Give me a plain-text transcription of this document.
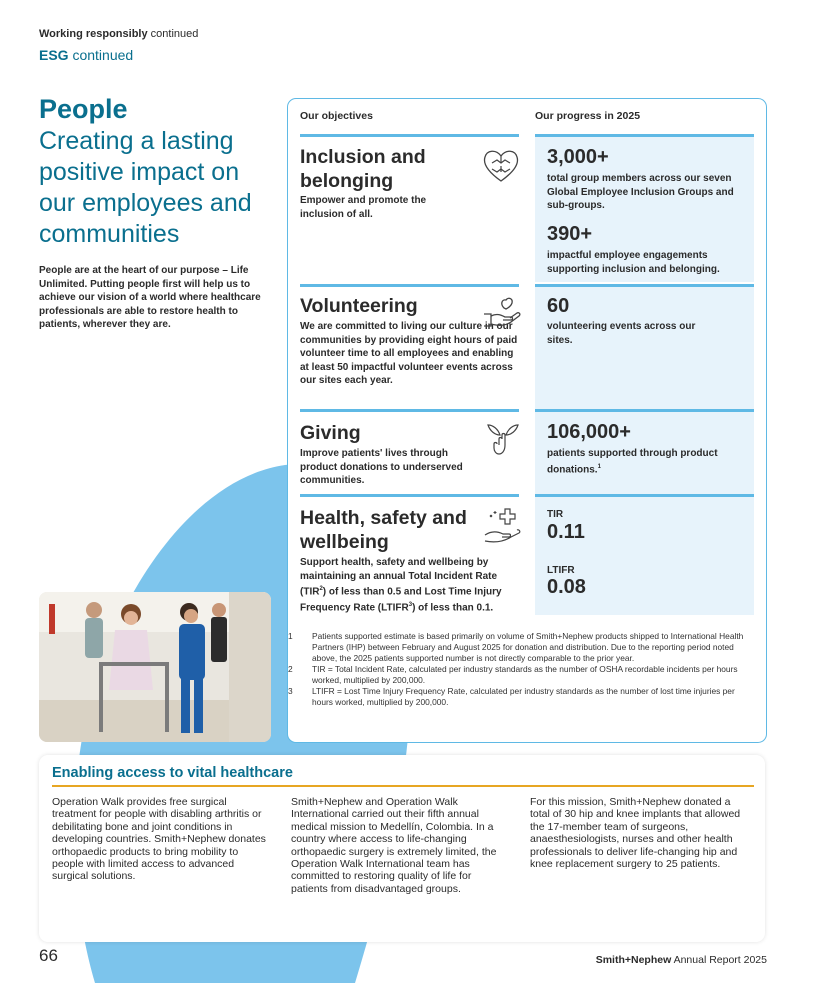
Working responsibly continued
ESG continued
People
Creating a lasting positive impact on our employees and communities
People are at the heart of our purpose – Life Unlimited. Putting people first will help us to achieve our vision of a world where healthcare professionals are able to restore health to patients, wherever they are.
Our objectives	Our progress in 2025
Inclusion and belonging
Empower and promote the inclusion of all.
3,000+
total group members across our seven Global Employee Inclusion Groups and sub-groups.
390+
impactful employee engagements supporting inclusion and belonging.
Volunteering
We are committed to living our culture in our communities by providing eight hours of paid volunteer time to all employees and enabling at least 50 impactful volunteer events across our sites each year.
60
volunteering events across our sites.
Giving
Improve patients' lives through product donations to underserved communities.
106,000+
patients supported through product donations.$^1$
Health, safety and wellbeing
Support health, safety and wellbeing by maintaining an annual Total Incident Rate (TIR$^2$) of less than 0.5 and Lost Time Injury Frequency Rate (LTIFR$^3$) of less than 0.1.
TIR
0.11
LTIFR
0.08
1 Patients supported estimate is based primarily on volume of Smith+Nephew products shipped to International Health Partners (IHP) between February and August 2025 for donation and distribution. Due to the reporting period noted above, the 2025 patients supported number is not directly comparable to the prior year.
2 TIR = Total Incident Rate, calculated per industry standards as the number of OSHA recordable incidents per hours worked, multiplied by 200,000.
3 LTIFR = Lost Time Injury Frequency Rate, calculated per industry standards as the number of lost time injuries per hours worked, multiplied by 200,000.
Enabling access to vital healthcare
Operation Walk provides free surgical treatment for people with disabling arthritis or debilitating bone and joint conditions in developing countries. Smith+Nephew donates orthopaedic products to bring mobility to people with limited access to advanced surgical solutions.
Smith+Nephew and Operation Walk International carried out their fifth annual medical mission to Medellín, Colombia. In a country where access to life-changing orthopaedic surgery is extremely limited, the Operation Walk International team has committed to restoring quality of life for patients from disadvantaged groups.
For this mission, Smith+Nephew donated a total of 30 hip and knee implants that allowed the 17-member team of surgeons, anaesthesiologists, nurses and other health professionals to deliver life-changing hip and knee replacement surgery to 25 patients.
66	Smith+Nephew Annual Report 2025
